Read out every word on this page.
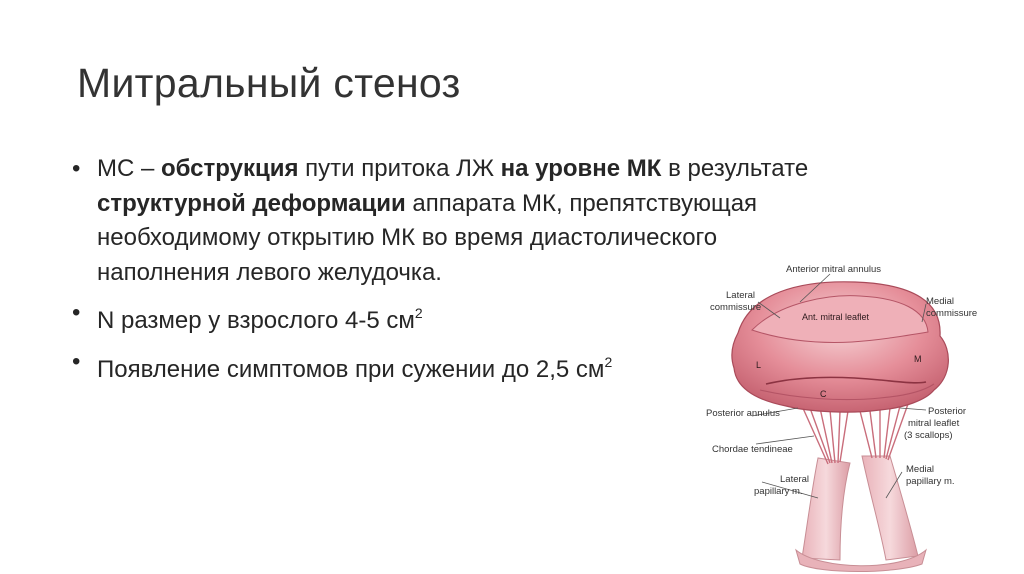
Митральный стеноз
• МС – обструкция пути притока ЛЖ на уровне МК в результате структурной деформации аппарата МК, препятствующая необходимому открытию МК во время диастолического наполнения левого желудочка.
• N размер у взрослого 4-5 $см^2$
• Появление симптомов при сужении до 2,5 $см^2$
Ant. mitral leaflet
L
M
C
Anterior mitral annulus
Lateral
commissure
Medial
commissure
Posterior annulus	Posterior
mitral leaflet
(3 scallops)
Chordae tendineae
Lateral
papillary m.
Medial
papillary m.
